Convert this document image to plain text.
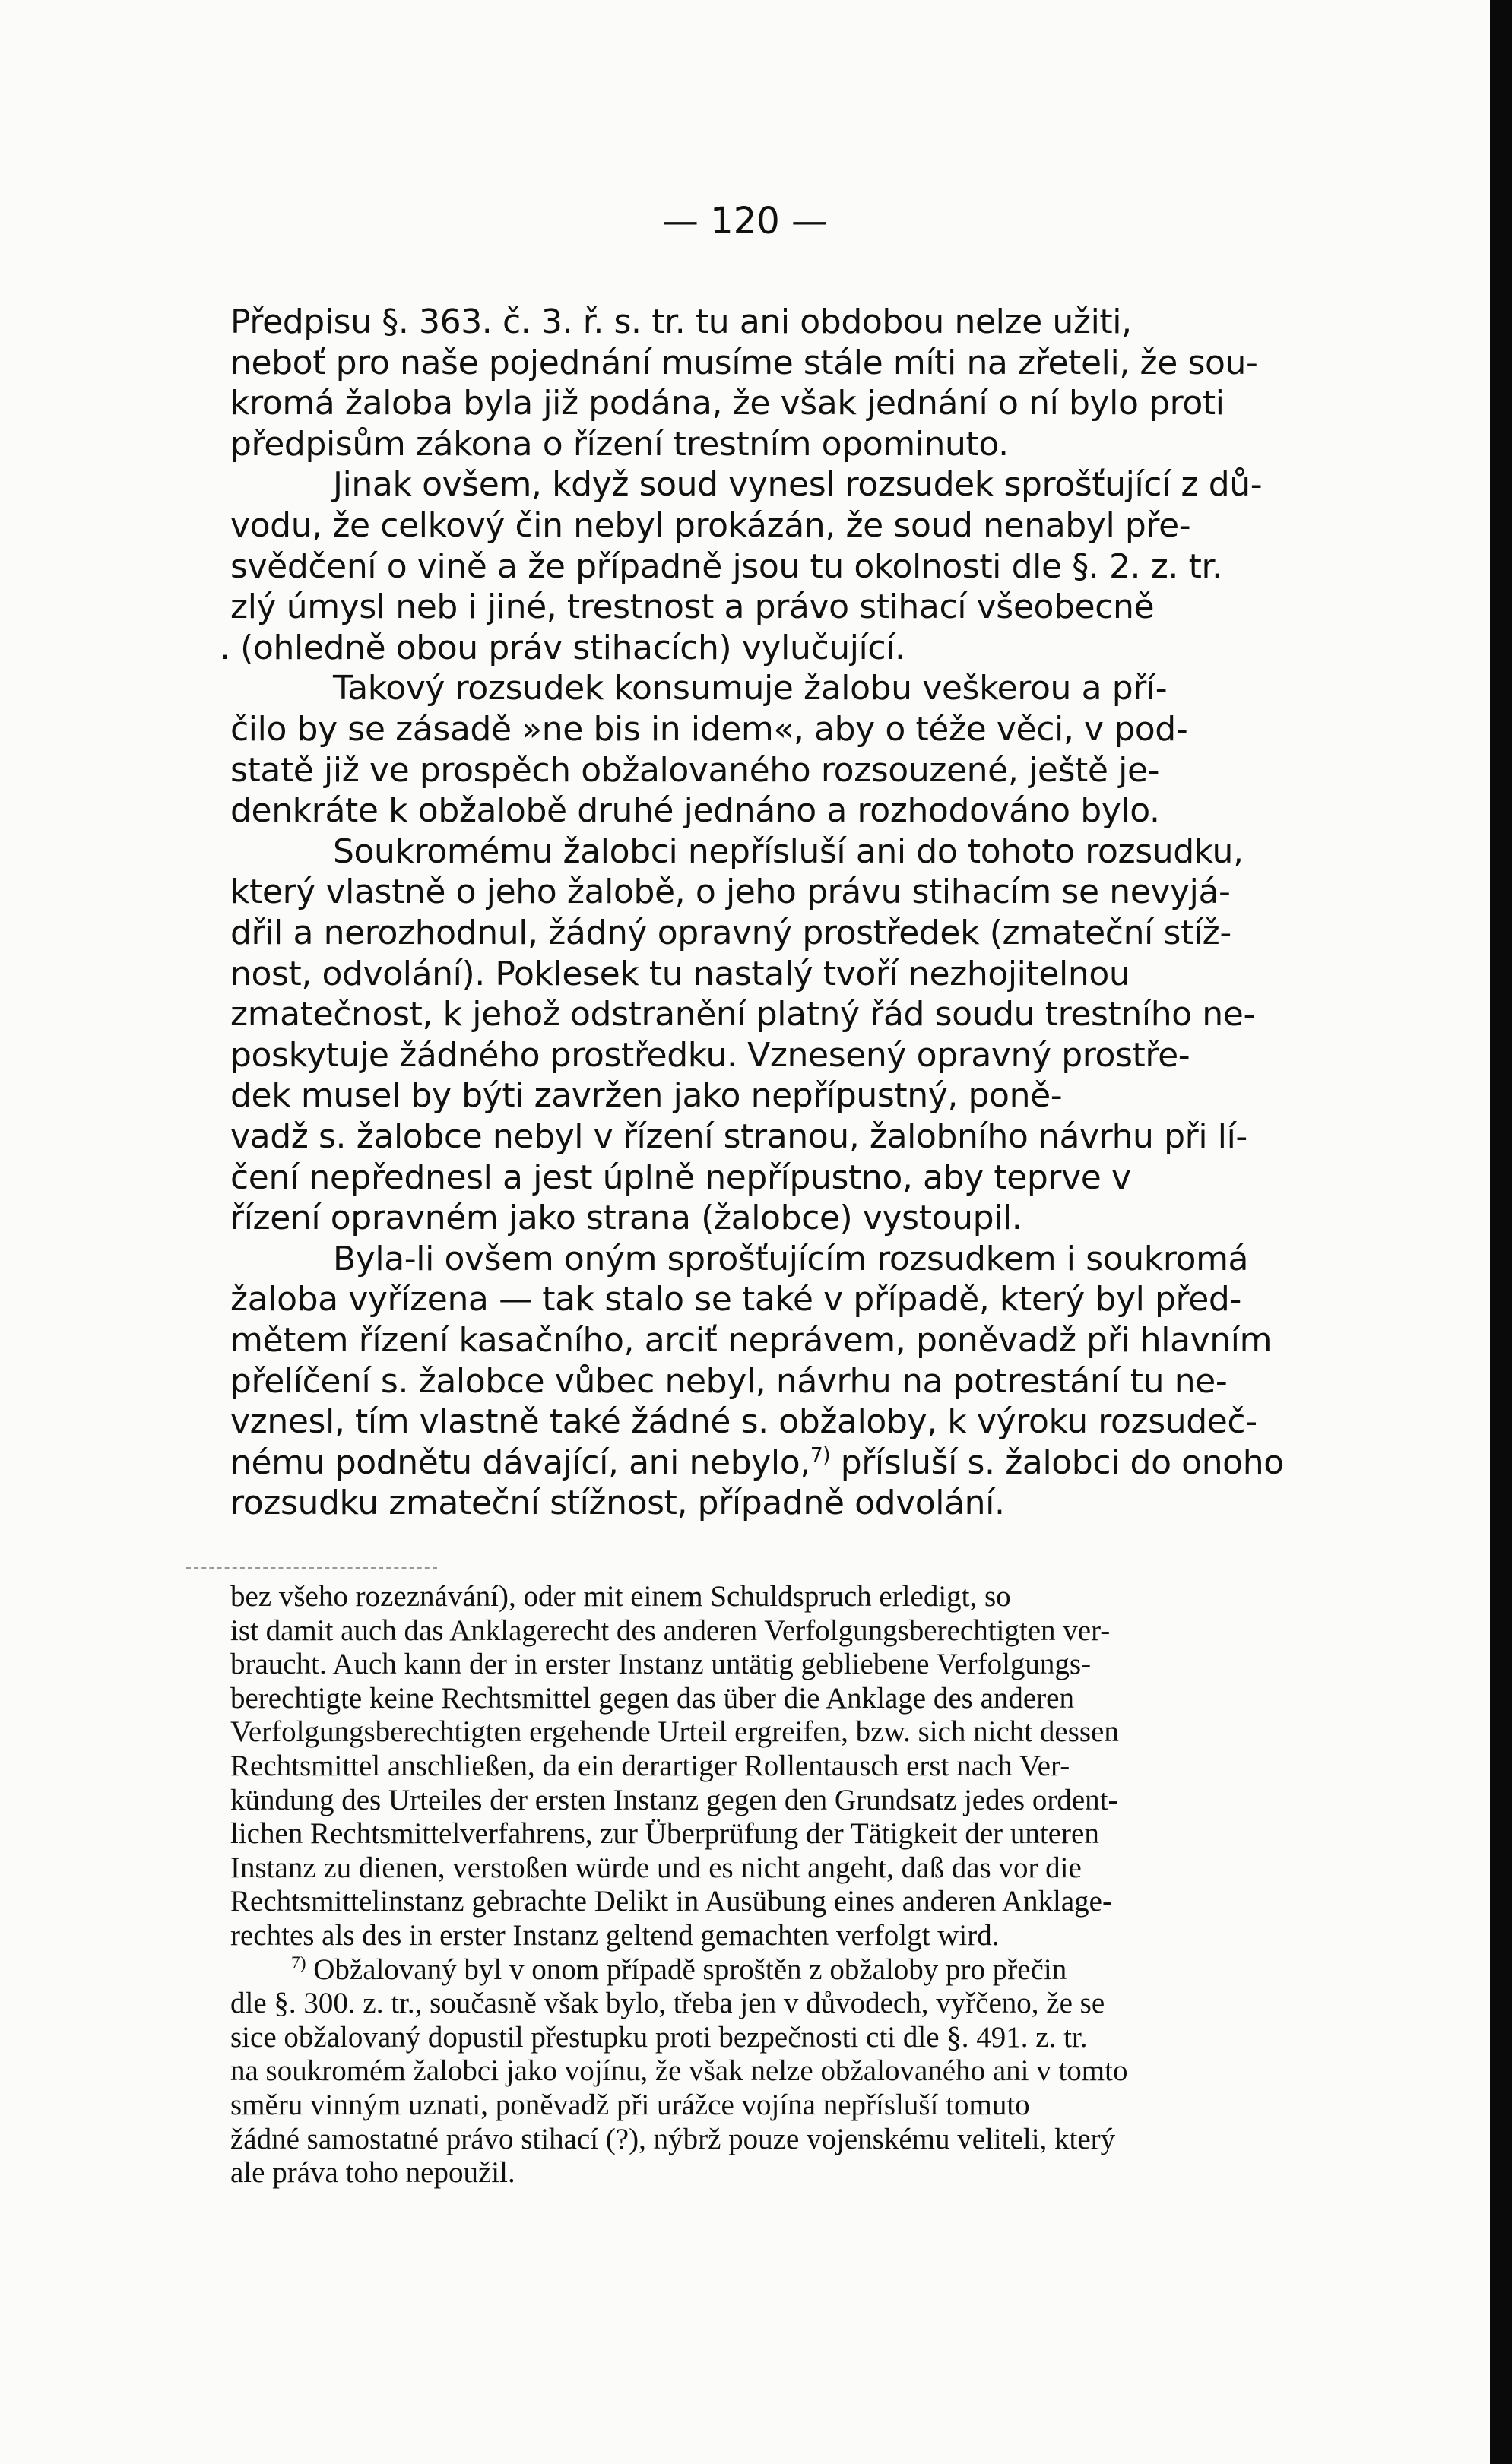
— 120 —
Předpisu §. 363. č. 3. ř. s. tr. tu ani obdobou nelze užiti,
neboť pro naše pojednání musíme stále míti na zřeteli, že sou-
kromá žaloba byla již podána, že však jednání o ní bylo proti
předpisům zákona o řízení trestním opominuto.
Jinak ovšem, když soud vynesl rozsudek sprošťující z dů-
vodu, že celkový čin nebyl prokázán, že soud nenabyl pře-
svědčení o vině a že případně jsou tu okolnosti dle §. 2. z. tr.
zlý úmysl neb i jiné, trestnost a právo stihací všeobecně
. (ohledně obou práv stihacích) vylučující.
Takový rozsudek konsumuje žalobu veškerou a pří-
čilo by se zásadě »ne bis in idem«, aby o téže věci, v pod-
statě již ve prospěch obžalovaného rozsouzené, ještě je-
denkráte k obžalobě druhé jednáno a rozhodováno bylo.
Soukromému žalobci nepřísluší ani do tohoto rozsudku,
který vlastně o jeho žalobě, o jeho právu stihacím se nevyjá-
dřil a nerozhodnul, žádný opravný prostředek (zmateční stíž-
nost, odvolání). Poklesek tu nastalý tvoří nezhojitelnou
zmatečnost, k jehož odstranění platný řád soudu trestního ne-
poskytuje žádného prostředku. Vznesený opravný prostře-
dek musel by býti zavržen jako nepřípustný, poně-
vadž s. žalobce nebyl v řízení stranou, žalobního návrhu při lí-
čení nepřednesl a jest úplně nepřípustno, aby teprve v
řízení opravném jako strana (žalobce) vystoupil.
Byla-li ovšem oným sprošťujícím rozsudkem i soukromá
žaloba vyřízena — tak stalo se také v případě, který byl před-
mětem řízení kasačního, arciť neprávem, poněvadž při hlavním
přelíčení s. žalobce vůbec nebyl, návrhu na potrestání tu ne-
vznesl, tím vlastně také žádné s. obžaloby, k výroku rozsudeč-
nému podnětu dávající, ani nebylo,$^{7)}$ přísluší s. žalobci do onoho
rozsudku zmateční stížnost, případně odvolání.
bez všeho rozeznávání), oder mit einem Schuldspruch erledigt, so
ist damit auch das Anklagerecht des anderen Verfolgungsberechtigten ver-
braucht. Auch kann der in erster Instanz untätig gebliebene Verfolgungs-
berechtigte keine Rechtsmittel gegen das über die Anklage des anderen
Verfolgungsberechtigten ergehende Urteil ergreifen, bzw. sich nicht dessen
Rechtsmittel anschließen, da ein derartiger Rollentausch erst nach Ver-
kündung des Urteiles der ersten Instanz gegen den Grundsatz jedes ordent-
lichen Rechtsmittelverfahrens, zur Überprüfung der Tätigkeit der unteren
Instanz zu dienen, verstoßen würde und es nicht angeht, daß das vor die
Rechtsmittelinstanz gebrachte Delikt in Ausübung eines anderen Anklage-
rechtes als des in erster Instanz geltend gemachten verfolgt wird.
$^{7)}$ Obžalovaný byl v onom případě sproštěn z obžaloby pro přečin
dle §. 300. z. tr., současně však bylo, třeba jen v důvodech, vyřčeno, že se
sice obžalovaný dopustil přestupku proti bezpečnosti cti dle §. 491. z. tr.
na soukromém žalobci jako vojínu, že však nelze obžalovaného ani v tomto
směru vinným uznati, poněvadž při urážce vojína nepřísluší tomuto
žádné samostatné právo stihací (?), nýbrž pouze vojenskému veliteli, který
ale práva toho nepoužil.
